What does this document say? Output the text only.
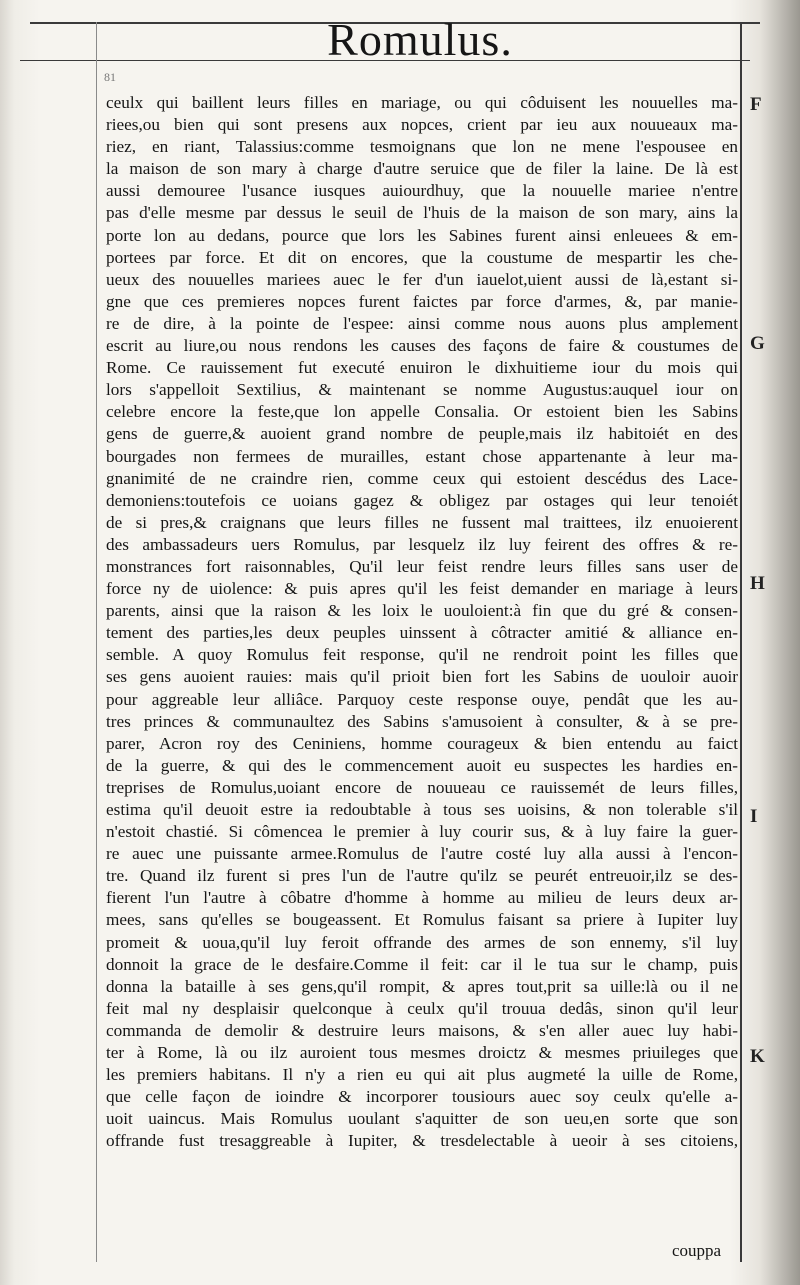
Romulus.
81
ceulx qui baillent leurs filles en mariage, ou qui côduisent les nouuelles ma-
riees,ou bien qui sont presens aux nopces, crient par ieu aux nouueaux ma-
riez, en riant, Talassius:comme tesmoignans que lon ne mene l'espousee en
la maison de son mary à charge d'autre seruice que de filer la laine. De là est
aussi demouree l'usance iusques auiourdhuy, que la nouuelle mariee n'entre
pas d'elle mesme par dessus le seuil de l'huis de la maison de son mary, ains la
porte lon au dedans, pource que lors les Sabines furent ainsi enleuees & em-
portees par force. Et dit on encores, que la coustume de mespartir les che-
ueux des nouuelles mariees auec le fer d'un iauelot,uient aussi de là,estant si-
gne que ces premieres nopces furent faictes par force d'armes, &, par manie-
re de dire, à la pointe de l'espee: ainsi comme nous auons plus amplement
escrit au liure,ou nous rendons les causes des façons de faire & coustumes de
Rome. Ce rauissement fut executé enuiron le dixhuitieme iour du mois qui
lors s'appelloit Sextilius, & maintenant se nomme Augustus:auquel iour on
celebre encore la feste,que lon appelle Consalia. Or estoient bien les Sabins
gens de guerre,& auoient grand nombre de peuple,mais ilz habitoiét en des
bourgades non fermees de murailles, estant chose appartenante à leur ma-
gnanimité de ne craindre rien, comme ceux qui estoient descédus des Lace-
demoniens:toutefois ce uoians gagez & obligez par ostages qui leur tenoiét
de si pres,& craignans que leurs filles ne fussent mal traittees, ilz enuoierent
des ambassadeurs uers Romulus, par lesquelz ilz luy feirent des offres & re-
monstrances fort raisonnables, Qu'il leur feist rendre leurs filles sans user de
force ny de uiolence: & puis apres qu'il les feist demander en mariage à leurs
parents, ainsi que la raison & les loix le uouloient:à fin que du gré & consen-
tement des parties,les deux peuples uinssent à côtracter amitié & alliance en-
semble. A quoy Romulus feit response, qu'il ne rendroit point les filles que
ses gens auoient rauies: mais qu'il prioit bien fort les Sabins de uouloir auoir
pour aggreable leur alliâce. Parquoy ceste response ouye, pendât que les au-
tres princes & communaultez des Sabins s'amusoient à consulter, & à se pre-
parer, Acron roy des Ceniniens, homme courageux & bien entendu au faict
de la guerre, & qui des le commencement auoit eu suspectes les hardies en-
treprises de Romulus,uoiant encore de nouueau ce rauissemét de leurs filles,
estima qu'il deuoit estre ia redoubtable à tous ses uoisins, & non tolerable s'il
n'estoit chastié. Si cômencea le premier à luy courir sus, & à luy faire la guer-
re auec une puissante armee.Romulus de l'autre costé luy alla aussi à l'encon-
tre. Quand ilz furent si pres l'un de l'autre qu'ilz se peurét entreuoir,ilz se des-
fierent l'un l'autre à côbatre d'homme à homme au milieu de leurs deux ar-
mees, sans qu'elles se bougeassent. Et Romulus faisant sa priere à Iupiter luy
promeit & uoua,qu'il luy feroit offrande des armes de son ennemy, s'il luy
donnoit la grace de le desfaire.Comme il feit: car il le tua sur le champ, puis
donna la bataille à ses gens,qu'il rompit, & apres tout,prit sa uille:là ou il ne
feit mal ny desplaisir quelconque à ceulx qu'il trouua dedâs, sinon qu'il leur
commanda de demolir & destruire leurs maisons, & s'en aller auec luy habi-
ter à Rome, là ou ilz auroient tous mesmes droictz & mesmes priuileges que
les premiers habitans. Il n'y a rien eu qui ait plus augmeté la uille de Rome,
que celle façon de ioindre & incorporer tousiours auec soy ceulx qu'elle a-
uoit uaincus. Mais Romulus uoulant s'aquitter de son ueu,en sorte que son
offrande fust tresaggreable à Iupiter, & tresdelectable à ueoir à ses citoiens,
F
G
H
I
K
couppa
